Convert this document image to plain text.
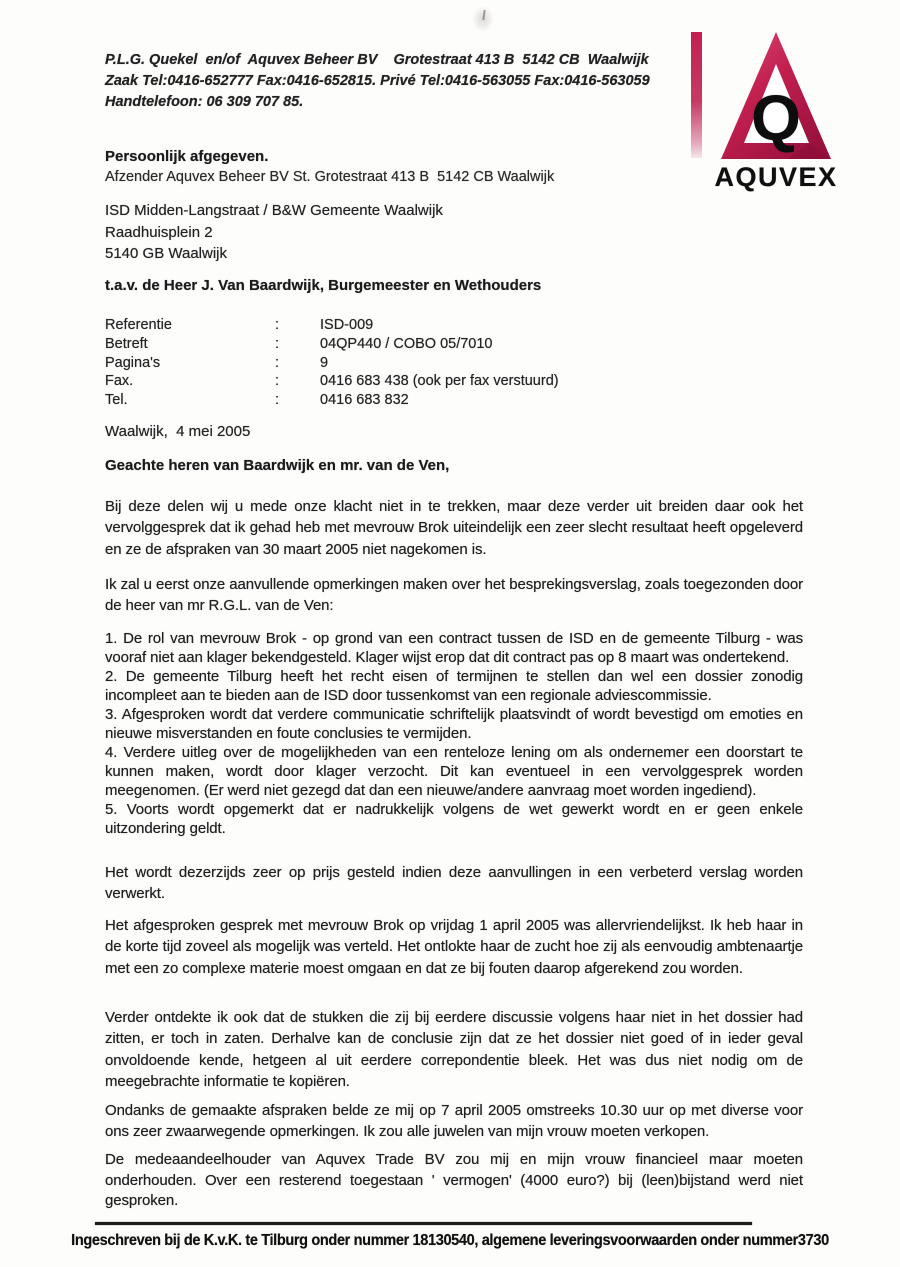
P.L.G. Quekel  en/of  Aquvex Beheer BV    Grotestraat 413 B  5142 CB  Waalwijk
Zaak Tel:0416-652777 Fax:0416-652815. Privé Tel:0416-563055 Fax:0416-563059
Handtelefoon: 06 309 707 85.	Q
AQUVEX
Persoonlijk afgegeven.
Afzender Aquvex Beheer BV St. Grotestraat 413 B  5142 CB Waalwijk
ISD Midden-Langstraat / B&W Gemeente Waalwijk
Raadhuisplein 2
5140 GB Waalwijk
t.a.v. de Heer J. Van Baardwijk, Burgemeester en Wethouders
Referentie	:	ISD-009
Betreft	:	04QP440 / COBO 05/7010
Pagina's	:	9
Fax.	:	0416 683 438 (ook per fax verstuurd)
Tel.	:	0416 683 832
Waalwijk,  4 mei 2005
Geachte heren van Baardwijk en mr. van de Ven,
Bij deze delen wij u mede onze klacht niet in te trekken, maar deze verder uit breiden daar ook het vervolggesprek dat ik gehad heb met mevrouw Brok uiteindelijk een zeer slecht resultaat heeft opgeleverd en ze de afspraken van 30 maart 2005 niet nagekomen is.
Ik zal u eerst onze aanvullende opmerkingen maken over het besprekingsverslag, zoals toegezonden door de heer van mr R.G.L. van de Ven:
1. De rol van mevrouw Brok - op grond van een contract tussen de ISD en de gemeente Tilburg - was vooraf niet aan klager bekendgesteld. Klager wijst erop dat dit contract pas op 8 maart was ondertekend.
2. De gemeente Tilburg heeft het recht eisen of termijnen te stellen dan wel een dossier zonodig incompleet aan te bieden aan de ISD door tussenkomst van een regionale adviescommissie.
3. Afgesproken wordt dat verdere communicatie schriftelijk plaatsvindt of wordt bevestigd om emoties en nieuwe misverstanden en foute conclusies te vermijden.
4. Verdere uitleg over de mogelijkheden van een renteloze lening om als ondernemer een doorstart te kunnen maken, wordt door klager verzocht. Dit kan eventueel in een vervolggesprek worden meegenomen. (Er werd niet gezegd dat dan een nieuwe/andere aanvraag moet worden ingediend).
5. Voorts wordt opgemerkt dat er nadrukkelijk volgens de wet gewerkt wordt en er geen enkele uitzondering geldt.
Het wordt dezerzijds zeer op prijs gesteld indien deze aanvullingen in een verbeterd verslag worden verwerkt.
Het afgesproken gesprek met mevrouw Brok op vrijdag 1 april 2005 was allervriendelijkst. Ik heb haar in de korte tijd zoveel als mogelijk was verteld. Het ontlokte haar de zucht hoe zij als eenvoudig ambtenaartje met een zo complexe materie moest omgaan en dat ze bij fouten daarop afgerekend zou worden.
Verder ontdekte ik ook dat de stukken die zij bij eerdere discussie volgens haar niet in het dossier had zitten, er toch in zaten. Derhalve kan de conclusie zijn dat ze het dossier niet goed of in ieder geval onvoldoende kende, hetgeen al uit eerdere correpondentie bleek. Het was dus niet nodig om de meegebrachte informatie te kopiëren.
Ondanks de gemaakte afspraken belde ze mij op 7 april 2005 omstreeks 10.30 uur op met diverse voor ons zeer zwaarwegende opmerkingen. Ik zou alle juwelen van mijn vrouw moeten verkopen.
De medeaandeelhouder van Aquvex Trade BV zou mij en mijn vrouw financieel maar moeten onderhouden. Over een resterend toegestaan ' vermogen' (4000 euro?) bij (leen)bijstand werd niet gesproken.
Ingeschreven bij de K.v.K. te Tilburg onder nummer 18130540, algemene leveringsvoorwaarden onder nummer3730
